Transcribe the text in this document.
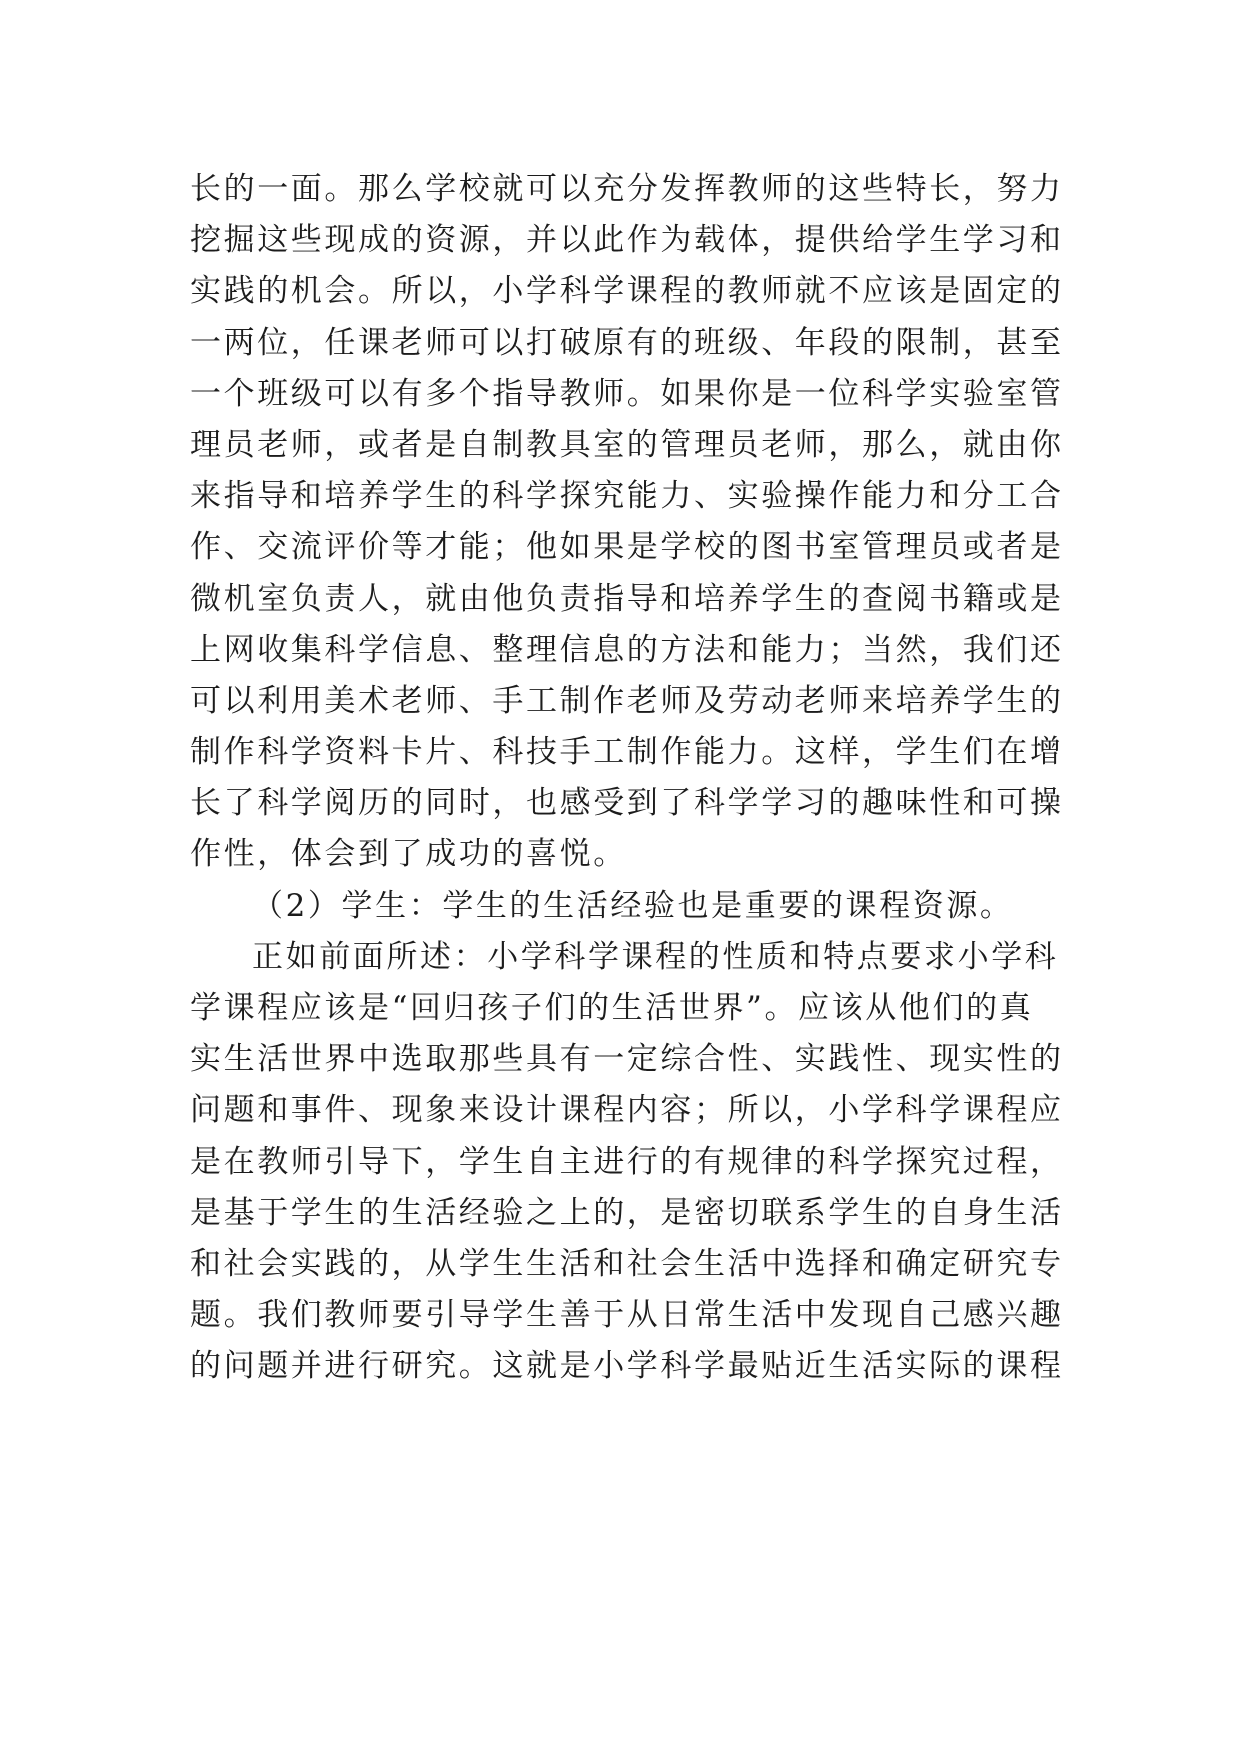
长的一面。那么学校就可以充分发挥教师的这些特长，努力
挖掘这些现成的资源，并以此作为载体，提供给学生学习和
实践的机会。所以，小学科学课程的教师就不应该是固定的
一两位，任课老师可以打破原有的班级、年段的限制，甚至
一个班级可以有多个指导教师。如果你是一位科学实验室管
理员老师，或者是自制教具室的管理员老师，那么，就由你
来指导和培养学生的科学探究能力、实验操作能力和分工合
作、交流评价等才能；他如果是学校的图书室管理员或者是
微机室负责人，就由他负责指导和培养学生的查阅书籍或是
上网收集科学信息、整理信息的方法和能力；当然，我们还
可以利用美术老师、手工制作老师及劳动老师来培养学生的
制作科学资料卡片、科技手工制作能力。这样，学生们在增
长了科学阅历的同时，也感受到了科学学习的趣味性和可操
作性，体会到了成功的喜悦。
（2）学生：学生的生活经验也是重要的课程资源。
正如前面所述：小学科学课程的性质和特点要求小学科
学课程应该是“回归孩子们的生活世界”。应该从他们的真
实生活世界中选取那些具有一定综合性、实践性、现实性的
问题和事件、现象来设计课程内容；所以，小学科学课程应
是在教师引导下，学生自主进行的有规律的科学探究过程，
是基于学生的生活经验之上的，是密切联系学生的自身生活
和社会实践的，从学生生活和社会生活中选择和确定研究专
题。我们教师要引导学生善于从日常生活中发现自己感兴趣
的问题并进行研究。这就是小学科学最贴近生活实际的课程
